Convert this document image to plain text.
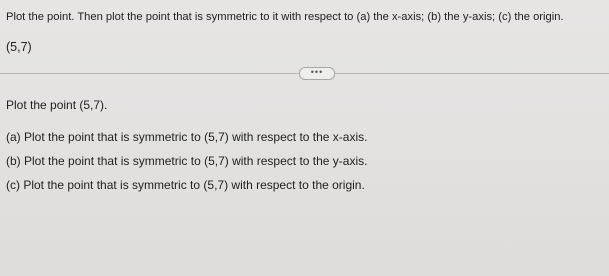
Plot the point. Then plot the point that is symmetric to it with respect to (a) the x-axis; (b) the y-axis; (c) the origin.

(5,7)
•••

Plot the point (5,7).

(a) Plot the point that is symmetric to (5,7) with respect to the x-axis.

(b) Plot the point that is symmetric to (5,7) with respect to the y-axis.

(c) Plot the point that is symmetric to (5,7) with respect to the origin.
